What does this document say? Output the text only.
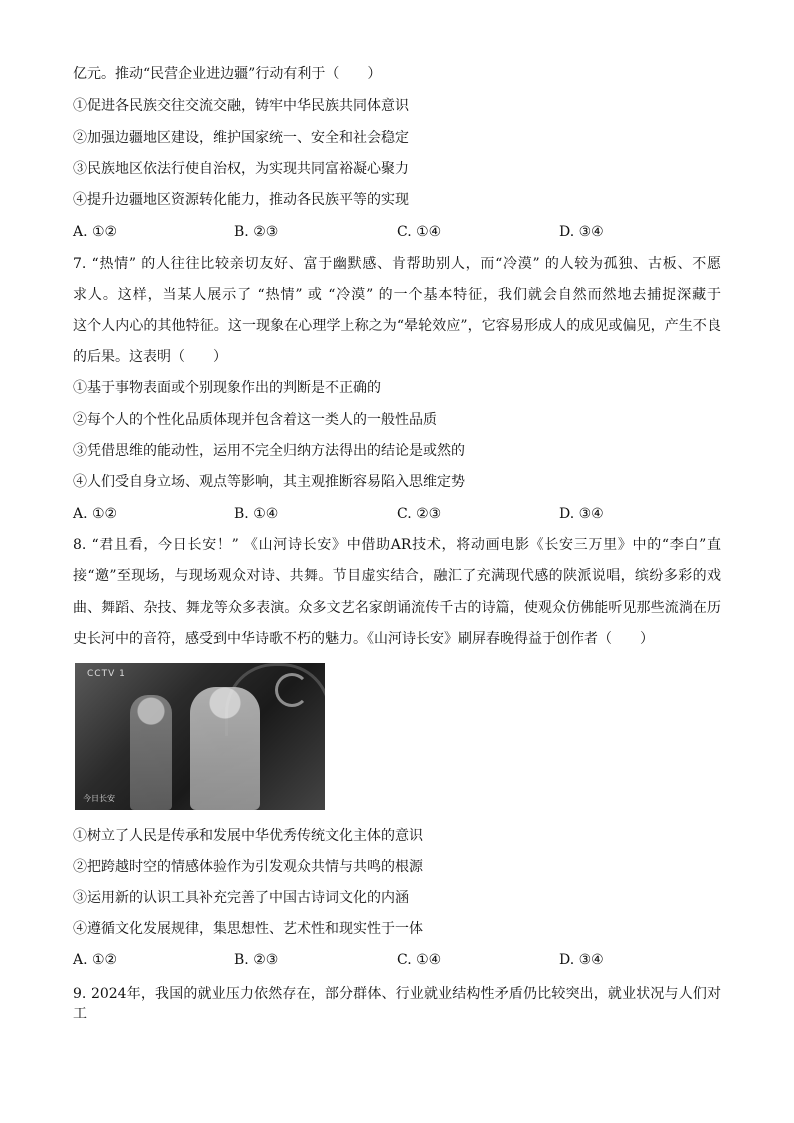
亿元。推动“民营企业进边疆”行动有利于（　　）
①促进各民族交往交流交融，铸牢中华民族共同体意识
②加强边疆地区建设，维护国家统一、安全和社会稳定
③民族地区依法行使自治权，为实现共同富裕凝心聚力
④提升边疆地区资源转化能力，推动各民族平等的实现
A. ①②	B. ②③	C. ①④	D. ③④
7. “热情” 的人往往比较亲切友好、富于幽默感、肯帮助别人，而“冷漠” 的人较为孤独、古板、不愿
求人。这样，当某人展示了 “热情” 或 “冷漠” 的一个基本特征，我们就会自然而然地去捕捉深藏于
这个人内心的其他特征。这一现象在心理学上称之为“晕轮效应”，它容易形成人的成见或偏见，产生不良
的后果。这表明（　　）
①基于事物表面或个别现象作出的判断是不正确的
②每个人的个性化品质体现并包含着这一类人的一般性品质
③凭借思维的能动性，运用不完全归纳方法得出的结论是或然的
④人们受自身立场、观点等影响，其主观推断容易陷入思维定势
A. ①②	B. ①④	C. ②③	D. ③④
8. “君且看，今日长安！” 《山河诗长安》中借助AR技术，将动画电影《长安三万里》中的“李白”直
接“邀”至现场，与现场观众对诗、共舞。节目虚实结合，融汇了充满现代感的陕派说唱，缤纷多彩的戏
曲、舞蹈、杂技、舞龙等众多表演。众多文艺名家朗诵流传千古的诗篇，使观众仿佛能听见那些流淌在历
史长河中的音符，感受到中华诗歌不朽的魅力。《山河诗长安》刷屏春晚得益于创作者（　　）
CCTV 1
今日长安
①树立了人民是传承和发展中华优秀传统文化主体的意识
②把跨越时空的情感体验作为引发观众共情与共鸣的根源
③运用新的认识工具补充完善了中国古诗词文化的内涵
④遵循文化发展规律，集思想性、艺术性和现实性于一体
A. ①②	B. ②③	C. ①④	D. ③④
9. 2024年，我国的就业压力依然存在，部分群体、行业就业结构性矛盾仍比较突出，就业状况与人们对工
